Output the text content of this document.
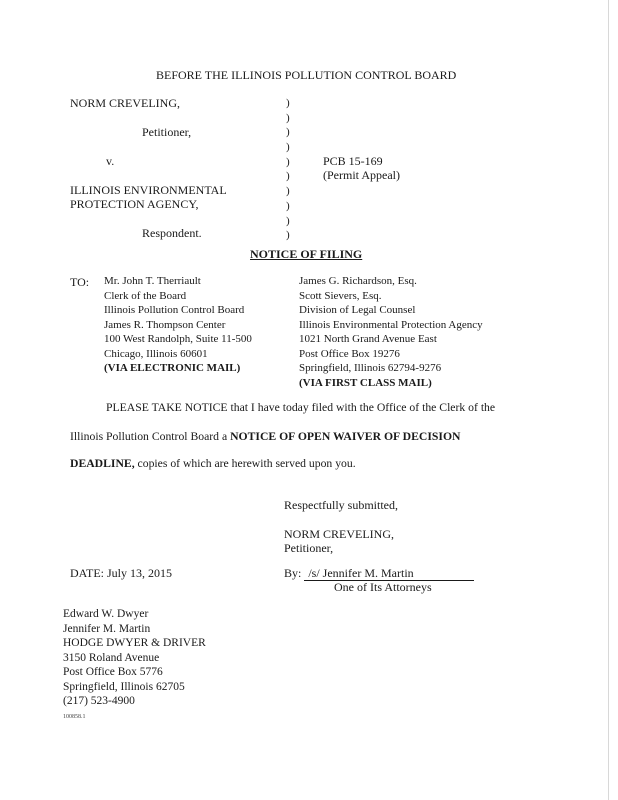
BEFORE THE ILLINOIS POLLUTION CONTROL BOARD
NORM CREVELING,
Petitioner,
v.
ILLINOIS ENVIRONMENTAL
PROTECTION AGENCY,
Respondent.
)
)
)
)
)
)
)
)
)
)
PCB 15-169
(Permit Appeal)
NOTICE OF FILING
TO: Mr. John T. Therriault
Clerk of the Board
Illinois Pollution Control Board
James R. Thompson Center
100 West Randolph, Suite 11-500
Chicago, Illinois 60601
(VIA ELECTRONIC MAIL)
James G. Richardson, Esq.
Scott Sievers, Esq.
Division of Legal Counsel
Illinois Environmental Protection Agency
1021 North Grand Avenue East
Post Office Box 19276
Springfield, Illinois 62794-9276
(VIA FIRST CLASS MAIL)
PLEASE TAKE NOTICE that I have today filed with the Office of the Clerk of the
Illinois Pollution Control Board a NOTICE OF OPEN WAIVER OF DECISION
DEADLINE, copies of which are herewith served upon you.
Respectfully submitted,
NORM CREVELING,
Petitioner,
DATE: July 13, 2015	By: /s/ Jennifer M. Martin
One of Its Attorneys
Edward W. Dwyer
Jennifer M. Martin
HODGE DWYER & DRIVER
3150 Roland Avenue
Post Office Box 5776
Springfield, Illinois 62705
(217) 523-4900
100858.1
